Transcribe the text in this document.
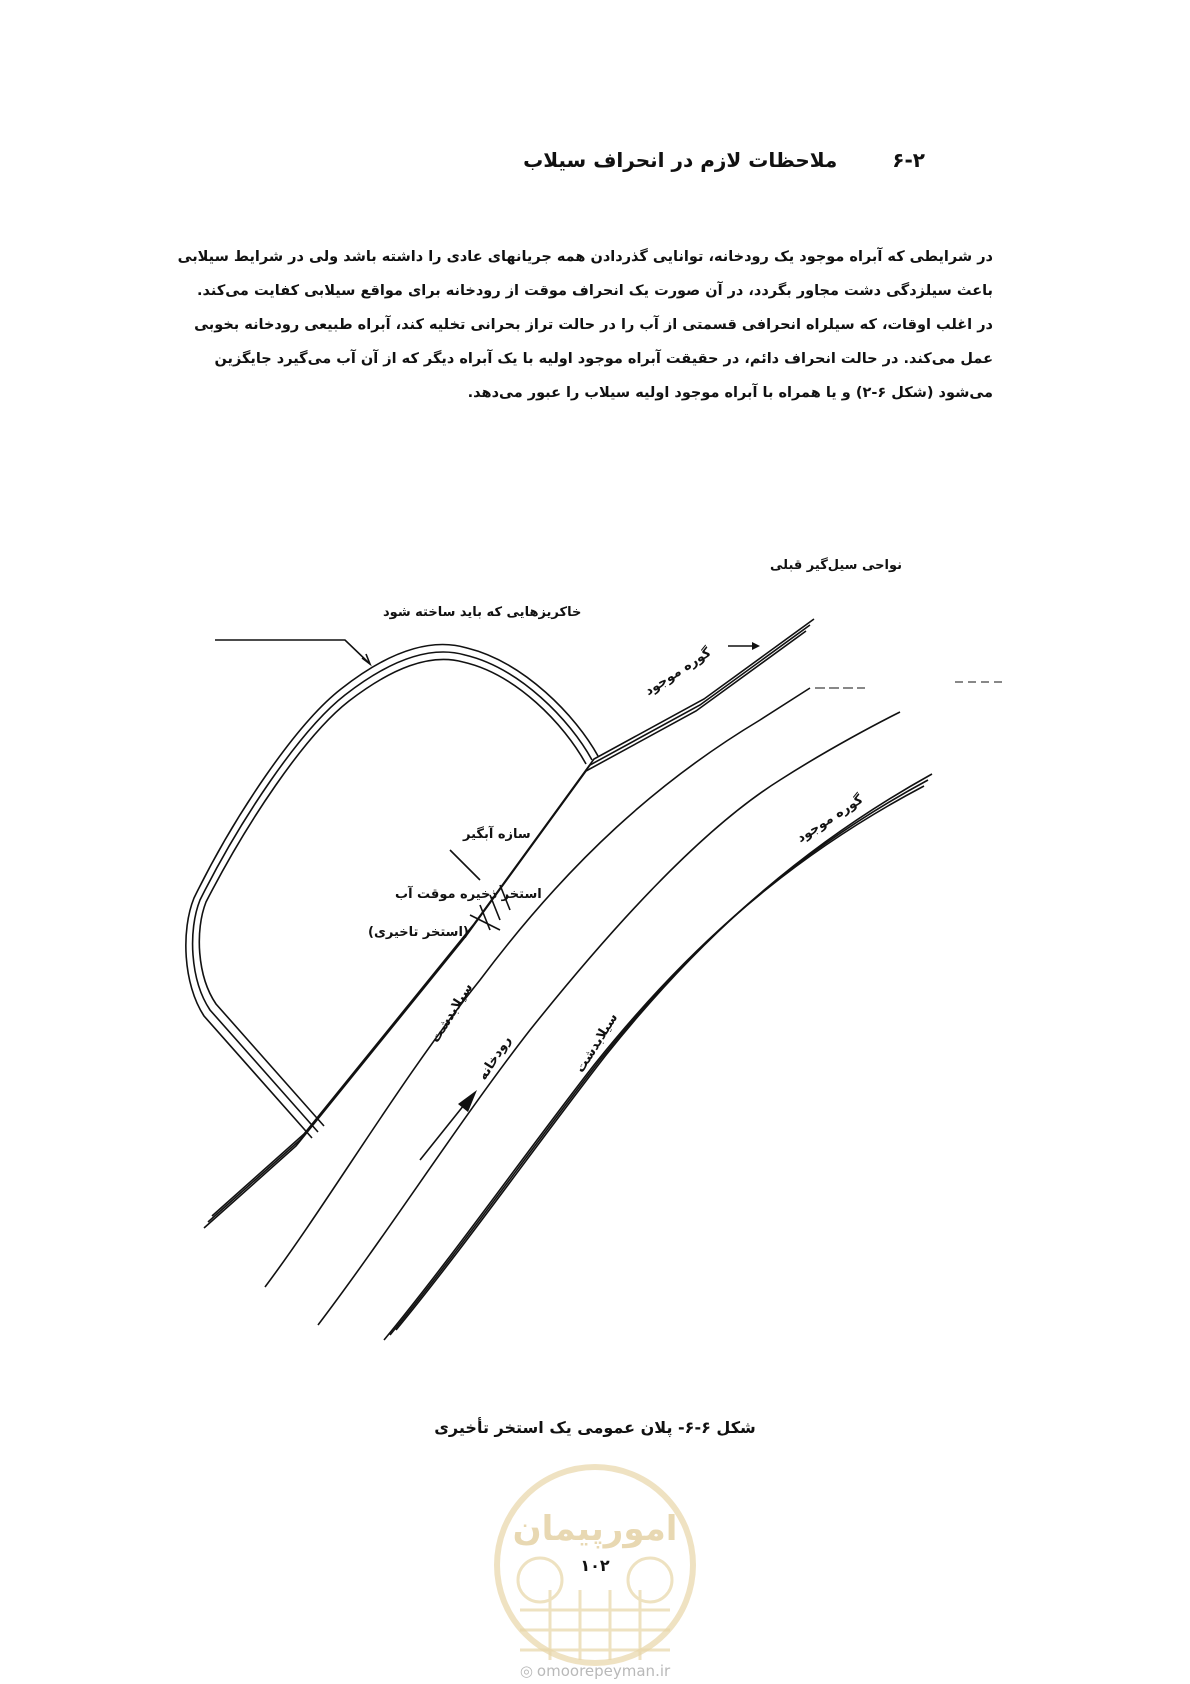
۶-۲ ملاحظات لازم در انحراف سیلاب
در شرایطی که آبراه موجود یک رودخانه، توانایی گذردادن همه جریانهای عادی را داشته باشد ولی در شرایط سیلابی
باعث سیلزدگی دشت مجاور بگردد، در آن صورت یک انحراف موقت از رودخانه برای مواقع سیلابی کفایت می‌کند.
در اغلب اوقات، که سیلراه انحرافی قسمتی از آب را در حالت تراز بحرانی تخلیه کند، آبراه طبیعی رودخانه بخوبی
عمل می‌کند. در حالت انحراف دائم، در حقیقت آبراه موجود اولیه با یک آبراه دیگر که از آن آب می‌گیرد جایگزین
می‌شود (شکل ۶-۲) و یا همراه با آبراه موجود اولیه سیلاب را عبور می‌دهد.
نواحی سیل‌گیر قبلی
خاکریزهایی که باید ساخته شود
گوره موجود
گوره موجود
سازه آبگیر
استخر ذخیره موقت آب
(استخر تاخیری)
سیلابدشت	سیلابدشت
رودخانه
شکل ۶-۶- پلان عمومی یک استخر تأخیری
امورپیمان
۱۰۲
◎ omoorepeyman.ir
